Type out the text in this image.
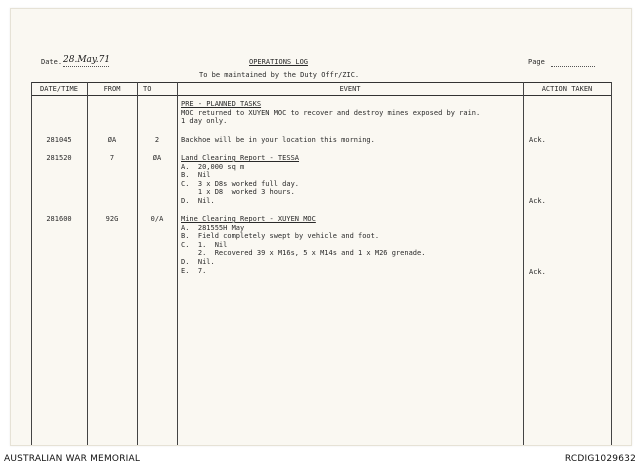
Date. 28.May.71	OPERATIONS LOG
To be maintained by the Duty Offr/ZIC.
Page
DATE/TIME	FROM	TO	EVENT	ACTION TAKEN
PRE - PLANNED TASKS
MOC returned to XUYEN MOC to recover and destroy mines exposed by rain.
1 day only.
281045	ØA	2	Backhoe will be in your location this morning.	Ack.
281520	7	ØA	Land Clearing Report - TESSA
A.  20,000 sq m
B.  Nil
C.  3 x D8s worked full day.
1 x D8  worked 3 hours.
D.  Nil.	Ack.
281600	92G	0/A	Mine Clearing Report - XUYEN MOC
A.  281555H May
B.  Field completely swept by vehicle and foot.
C.  1.  Nil
2.  Recovered 39 x M16s, 5 x M14s and 1 x M26 grenade.
D.  Nil.
E.  7.	Ack.
AUSTRALIAN WAR MEMORIAL	RCDIG1029632
